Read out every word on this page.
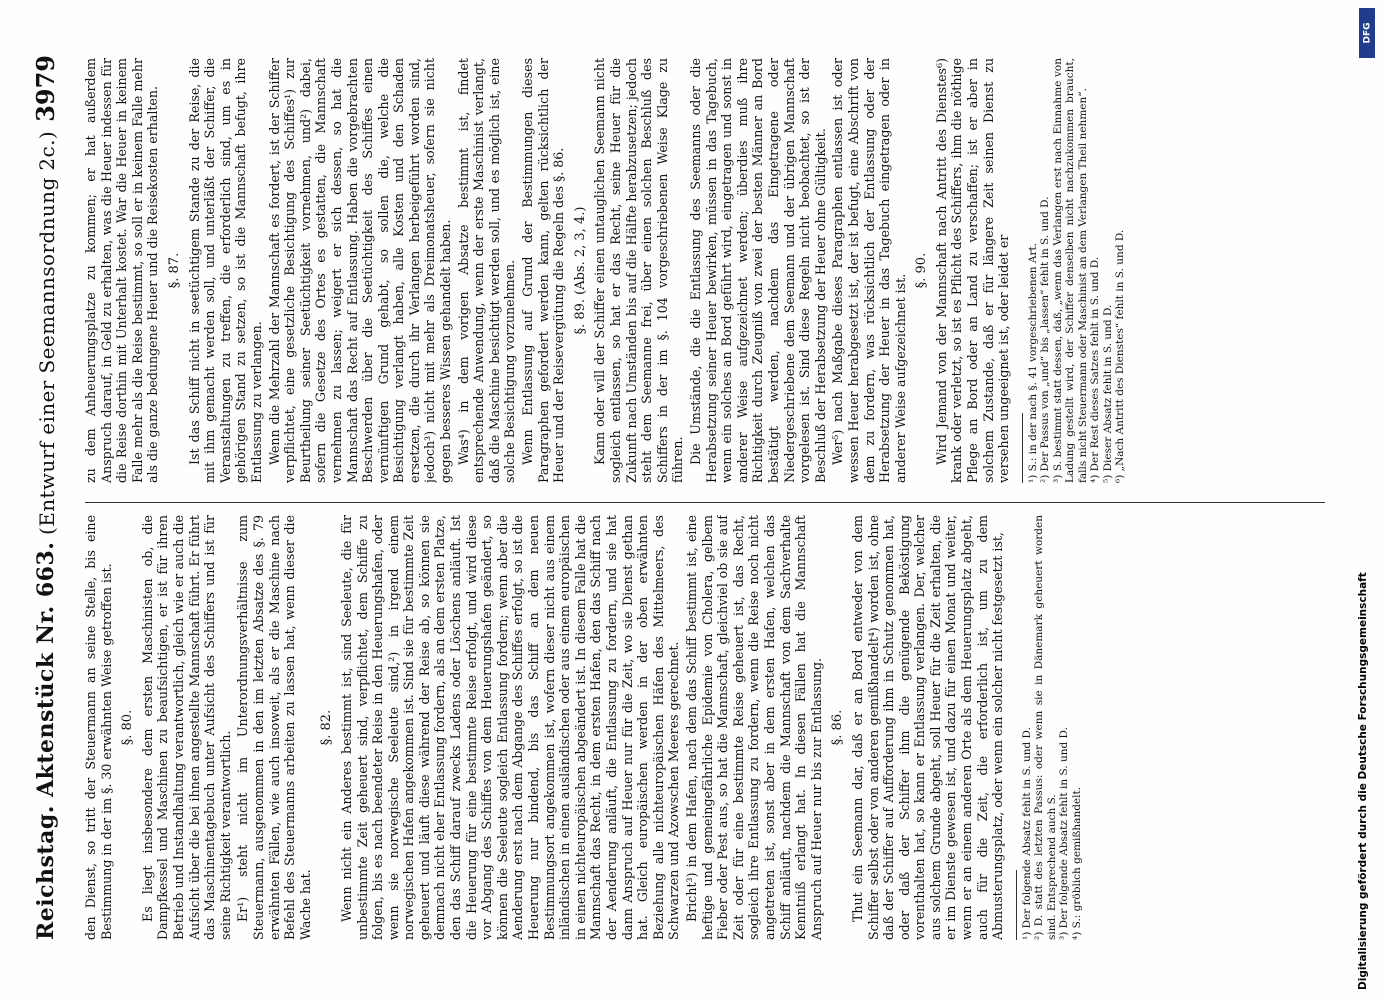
Reichstag. Aktenstück Nr. 663.
(Entwurf einer Seemannsordnung 2c.)
3979

den Dienst, so tritt der Steuermann an seine Stelle, bis eine Bestimmung in der im §. 30 erwähnten Weise getroffen ist. §. 80. Es liegt insbesondere dem ersten Maschinisten ob, die Dampfkessel und Maschinen zu beaufsichtigen, er ist für ihren Betrieb und Instandhaltung verantwortlich, gleich wie er auch die Aufsicht über die bei ihnen angestellte Mannschaft führt. Er führt das Maschinentagebuch unter Aufsicht des Schiffers und ist für seine Richtigkeit verantwortlich. Er¹) steht nicht im Unterordnungsverhältnisse zum Steuermann, ausgenommen in den im letzten Absatze des §. 79 erwähnten Fällen, wie auch insoweit, als er die Maschine nach Befehl des Steuermanns arbeiten zu lassen hat, wenn dieser die Wache hat.

§. 82. Wenn nicht ein Anderes bestimmt ist, sind Seeleute, die für unbestimmte Zeit geheuert sind, verpflichtet, dem Schiffe zu folgen, bis es nach beendeter Reise in den Heuerungshafen, oder wenn sie norwegische Seeleute sind,²) in irgend einem norwegischen Hafen angekommen ist. Sind sie für bestimmte Zeit geheuert und läuft diese während der Reise ab, so können sie demnach nicht eher Entlassung fordern, als an dem ersten Platze, den das Schiff darauf zwecks Ladens oder Löschens anläuft. Ist die Heuerung für eine bestimmte Reise erfolgt, und wird diese vor Abgang des Schiffes von dem Heuerungshafen geändert, so können die Seeleute sogleich Entlassung fordern; wenn aber die Aenderung erst nach dem Abgange des Schiffes erfolgt, so ist die Heuerung nur bindend, bis das Schiff an dem neuen Bestimmungsort angekommen ist, wofern dieser nicht aus einem inländischen in einen ausländischen oder aus einem europäischen in einen nichteuropäischen abgeändert ist. In diesem Falle hat die Mannschaft das Recht, in dem ersten Hafen, den das Schiff nach der Aenderung anläuft, die Entlassung zu fordern, und sie hat dann Anspruch auf Heuer nur für die Zeit, wo sie Dienst gethan hat. Gleich europäischen werden in der oben erwähnten Beziehung alle nichteuropäischen Häfen des Mittelmeers, des Schwarzen und Azowschen Meeres gerechnet. Bricht³) in dem Hafen, nach dem das Schiff bestimmt ist, eine heftige und gemeingefährliche Epidemie von Cholera, gelbem Fieber oder Pest aus, so hat die Mannschaft, gleichviel ob sie auf Zeit oder für eine bestimmte Reise geheuert ist, das Recht, sogleich ihre Entlassung zu fordern, wenn die Reise noch nicht angetreten ist, sonst aber in dem ersten Hafen, welchen das Schiff anläuft, nachdem die Mannschaft von dem Sachverhalte Kenntniß erlangt hat. In diesen Fällen hat die Mannschaft Anspruch auf Heuer nur bis zur Entlassung. §. 86. Thut ein Seemann dar, daß er an Bord entweder von dem Schiffer selbst oder von anderen gemißhandelt⁴) worden ist, ohne daß der Schiffer auf Aufforderung ihm in Schutz genommen hat, oder daß der Schiffer ihm die genügende Beköstigung vorenthalten hat, so kann er Entlassung verlangen. Der, welcher aus solchem Grunde abgeht, soll Heuer für die Zeit erhalten, die er im Dienste gewesen ist, und dazu für einen Monat und weiter, wenn er an einem anderen Orte als dem Heuerungsplatz abgeht, auch für die Zeit, die erforderlich ist, um zu dem Abmusterungsplatz, oder wenn ein solcher nicht festgesetzt ist, ¹) Der folgende Absatz fehlt in S. und D. ²) D. statt des letzten Passus: oder wenn sie in Dänemark geheuert worden sind. Entsprechend auch S. ³) Der folgende Absatz fehlt in S. und D. ⁴) S.: gröblich gemißhandelt.

zu dem Anheuerungsplatze zu kommen; er hat außerdem Anspruch darauf, in Geld zu erhalten, was die Heuer indessen für die Reise dorthin mit Unterhalt kostet. War die Heuer in keinem Falle mehr als die Reise bestimmt, so soll er in keinem Falle mehr als die ganze bedungene Heuer und die Reisekosten erhalten. §. 87. Ist das Schiff nicht in seetüchtigem Stande zu der Reise, die mit ihm gemacht werden soll, und unterläßt der Schiffer, die Veranstaltungen zu treffen, die erforderlich sind, um es in gehörigen Stand zu setzen, so ist die Mannschaft befugt, ihre Entlassung zu verlangen. Wenn die Mehrzahl der Mannschaft es fordert, ist der Schiffer verpflichtet, eine gesetzliche Besichtigung des Schiffes¹) zur Beurtheilung seiner Seetüchtigkeit vornehmen, und²) dabei, sofern die Gesetze des Ortes es gestatten, die Mannschaft vernehmen zu lassen; weigert er sich dessen, so hat die Mannschaft das Recht auf Entlassung. Haben die vorgebrachten Beschwerden über die Seetüchtigkeit des Schiffes einen vernünftigen Grund gehabt, so sollen die, welche die Besichtigung verlangt haben, alle Kosten und den Schaden ersetzen, die durch ihr Verlangen herbeigeführt worden sind, jedoch³) nicht mit mehr als Dreimonatsheuer, sofern sie nicht gegen besseres Wissen gehandelt haben. Was⁴) in dem vorigen Absatze bestimmt ist, findet entsprechende Anwendung, wenn der erste Maschinist verlangt, daß die Maschine besichtigt werden soll, und es möglich ist, eine solche Besichtigung vorzunehmen. Wenn Entlassung auf Grund der Bestimmungen dieses Paragraphen gefordert werden kann, gelten rücksichtlich der Heuer und der Reisevergütung die Regeln des §. 86. §. 89. (Abs. 2, 3, 4.) Kann oder will der Schiffer einen untauglichen Seemann nicht sogleich entlassen, so hat er das Recht, seine Heuer für die Zukunft nach Umständen bis auf die Hälfte herabzusetzen; jedoch steht dem Seemanne frei, über einen solchen Beschluß des Schiffers in der im §. 104 vorgeschriebenen Weise Klage zu führen. Die Umstände, die die Entlassung des Seemanns oder die Herabsetzung seiner Heuer bewirken, müssen in das Tagebuch, wenn ein solches an Bord geführt wird, eingetragen und sonst in anderer Weise aufgezeichnet werden; überdies muß ihre Richtigkeit durch Zeugniß von zwei der besten Männer an Bord bestätigt werden, nachdem das Eingetragene oder Niedergeschriebene dem Seemann und der übrigen Mannschaft vorgelesen ist. Sind diese Regeln nicht beobachtet, so ist der Beschluß der Herabsetzung der Heuer ohne Gültigkeit. Wer⁵) nach Maßgabe dieses Paragraphen entlassen ist oder wessen Heuer herabgesetzt ist, der ist befugt, eine Abschrift von dem zu fordern, was rücksichtlich der Entlassung oder der Herabsetzung der Heuer in das Tagebuch eingetragen oder in anderer Weise aufgezeichnet ist.

§. 90. Wird Jemand von der Mannschaft nach Antritt des Dienstes⁶) krank oder verletzt, so ist es Pflicht des Schiffers, ihm die nöthige Pflege an Bord oder an Land zu verschaffen; ist er aber in solchem Zustande, daß er für längere Zeit seinen Dienst zu versehen ungeeignet ist, oder leidet er ¹) S.: in der nach §. 41 vorgeschriebenen Art. ²) Der Passus von „und“ bis „lassen“ fehlt in S. und D. ³) S. bestimmt statt dessen, daß, „wenn das Verlangen erst nach Einnahme von Ladung gestellt wird, der Schiffer denselben nicht nachzukommen braucht, falls nicht Steuermann oder Maschinist an dem Verlangen Theil nehmen“. ⁴) Der Rest dieses Satzes fehlt in S. und D. ⁵) Dieser Absatz fehlt in S. und D. ⁶) „Nach Antritt des Dienstes“ fehlt in S. und D.

DFG
Digitalisierung gefördert durch die Deutsche Forschungsgemeinschaft
